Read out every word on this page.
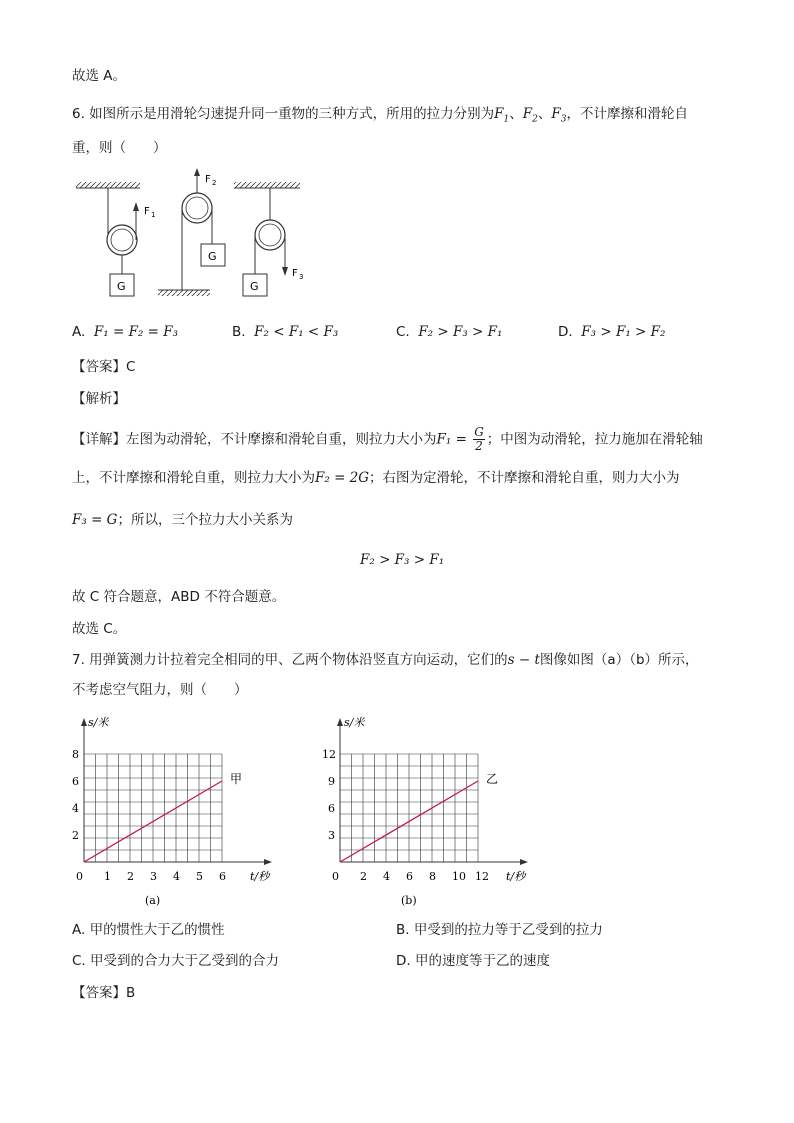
故选 A。
6. 如图所示是用滑轮匀速提升同一重物的三种方式，所用的拉力分别为$F_1$、$F_2$、$F_3$，不计摩擦和滑轮自
重，则（　　）
F 1
G
F 2
G
F 3
G
A. F₁ = F₂ = F₃	B. F₂ < F₁ < F₃	C. F₂ > F₃ > F₁	D. F₃ > F₁ > F₂
【答案】C
【解析】
【详解】左图为动滑轮，不计摩擦和滑轮自重，则拉力大小为$F_1 = \frac{G}{2}$ ；中图为动滑轮，拉力施加在滑轮轴
上，不计摩擦和滑轮自重，则拉力大小为F₂ = 2G；右图为定滑轮，不计摩擦和滑轮自重，则力大小为
F₃ = G；所以，三个拉力大小关系为
F₂ > F₃ > F₁
故 C 符合题意，ABD 不符合题意。
故选 C。
7. 用弹簧测力计拉着完全相同的甲、乙两个物体沿竖直方向运动，它们的s − t图像如图（a）（b）所示，
不考虑空气阻力，则（　　）
s/米
t/秒
0 1 2 3 4 5 6
2
4
6
8
甲
(a)
s/米
t/秒
0 2 4 6 8 10 12
3
6
9
12
乙
(b)
A. 甲的惯性大于乙的惯性	B. 甲受到的拉力等于乙受到的拉力
C. 甲受到的合力大于乙受到的合力	D. 甲的速度等于乙的速度
【答案】B
